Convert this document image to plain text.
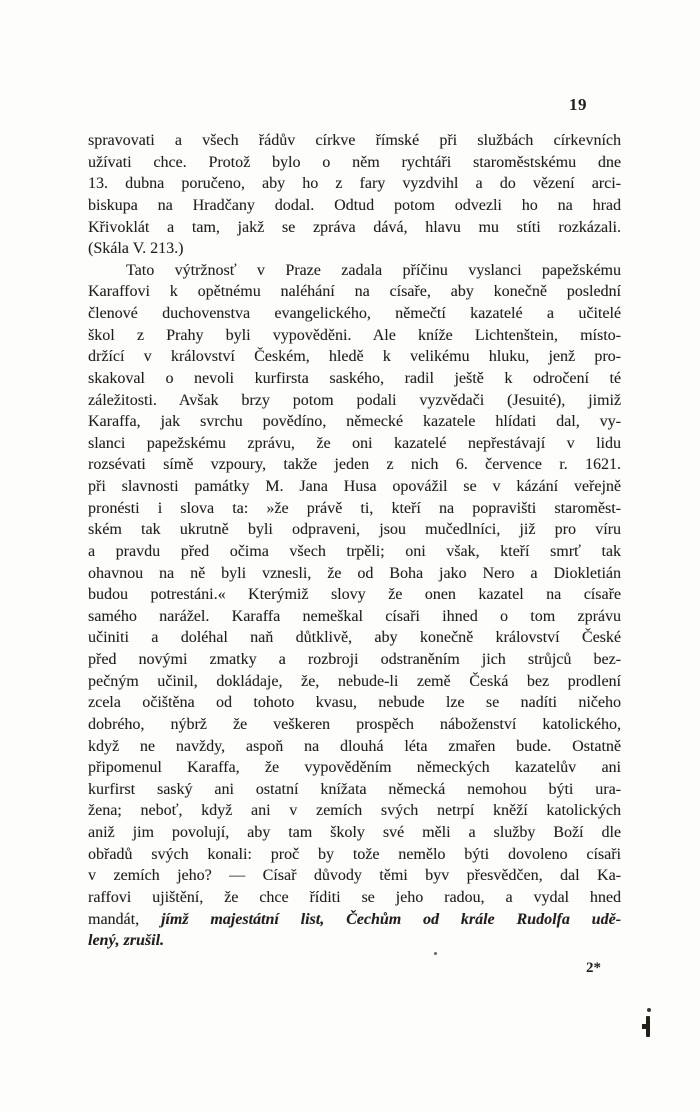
19
spravovati a všech řádův církve římské při službách církevních
užívati chce. Protož bylo o něm rychtáři staroměstskému dne
13. dubna poručeno, aby ho z fary vyzdvihl a do vězení arci-
biskupa na Hradčany dodal. Odtud potom odvezli ho na hrad
Křivoklát a tam, jakž se zpráva dává, hlavu mu stíti rozkázali.
(Skála V. 213.)
Tato výtržnosť v Praze zadala příčinu vyslanci papežskému
Karaffovi k opětnému naléhání na císaře, aby konečně poslední
členové duchovenstva evangelického, němečtí kazatelé a učitelé
škol z Prahy byli vypověděni. Ale kníže Lichtenštein, místo-
držící v království Českém, hledě k velikému hluku, jenž pro-
skakoval o nevoli kurfirsta saského, radil ještě k odročení té
záležitosti. Avšak brzy potom podali vyzvědači (Jesuité), jimiž
Karaffa, jak svrchu povědíno, německé kazatele hlídati dal, vy-
slanci papežskému zprávu, že oni kazatelé nepřestávají v lidu
rozsévati símě vzpoury, takže jeden z nich 6. července r. 1621.
při slavnosti památky M. Jana Husa opovážil se v kázání veřejně
pronésti i slova ta: »že právě ti, kteří na popravišti staroměst-
ském tak ukrutně byli odpraveni, jsou mučedlníci, již pro víru
a pravdu před očima všech trpěli; oni však, kteří smrť tak
ohavnou na ně byli vznesli, že od Boha jako Nero a Diokletián
budou potrestáni.« Kterýmiž slovy že onen kazatel na císaře
samého narážel. Karaffa nemeškal císaři ihned o tom zprávu
učiniti a doléhal naň důtklivě, aby konečně království České
před novými zmatky a rozbroji odstraněním jich strůjců bez-
pečným učinil, dokládaje, že, nebude-li země Česká bez prodlení
zcela očištěna od tohoto kvasu, nebude lze se nadíti ničeho
dobrého, nýbrž že veškeren prospěch náboženství katolického,
když ne navždy, aspoň na dlouhá léta zmařen bude. Ostatně
připomenul Karaffa, že vypověděním německých kazatelův ani
kurfirst saský ani ostatní knížata německá nemohou býti ura-
žena; neboť, když ani v zemích svých netrpí kněží katolických
aniž jim povolují, aby tam školy své měli a služby Boží dle
obřadů svých konali: proč by tože nemělo býti dovoleno císaři
v zemích jeho? — Císař důvody těmi byv přesvědčen, dal Ka-
raffovi ujištění, že chce říditi se jeho radou, a vydal hned
mandát, jímž majestátní list, Čechům od krále Rudolfa udě-
lený, zrušil.
2*
